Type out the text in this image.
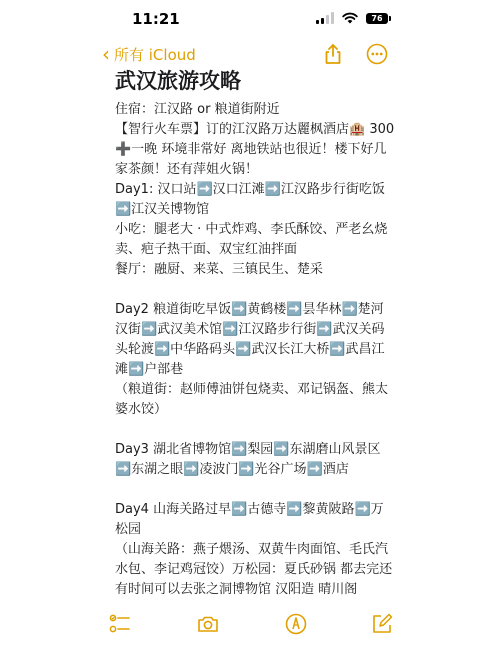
11:21	76
‹ 所有 iCloud
武汉旅游攻略
住宿：江汉路 or 粮道街附近
【智行火车票】订的江汉路万达麗枫酒店🏨 300➕一晚 环境非常好 离地铁站也很近！楼下好几家茶颜！还有萍姐火锅！
Day1: 汉口站➡️汉口江滩➡️江汉路步行街吃饭➡️江汉关博物馆
小吃：腿老大 · 中式炸鸡、李氏酥饺、严老幺烧卖、疤子热干面、双宝红油拌面
餐厅：融厨、来菜、三镇民生、楚采

Day2 粮道街吃早饭➡️黄鹤楼➡️昙华林➡️楚河汉街➡️武汉美术馆➡️江汉路步行街➡️武汉关码头轮渡➡️中华路码头➡️武汉长江大桥➡️武昌江滩➡️户部巷
（粮道街：赵师傅油饼包烧卖、邓记锅盔、熊太婆水饺）

Day3 湖北省博物馆➡️梨园➡️东湖磨山风景区➡️东湖之眼➡️凌波门➡️光谷广场➡️酒店

Day4 山海关路过早➡️古德寺➡️黎黄陂路➡️万松园
（山海关路：燕子煨汤、双黄牛肉面馆、毛氏汽水包、李记鸡冠饺）万松园：夏氏砂锅 都去完还有时间可以去张之洞博物馆 汉阳造 晴川阁
